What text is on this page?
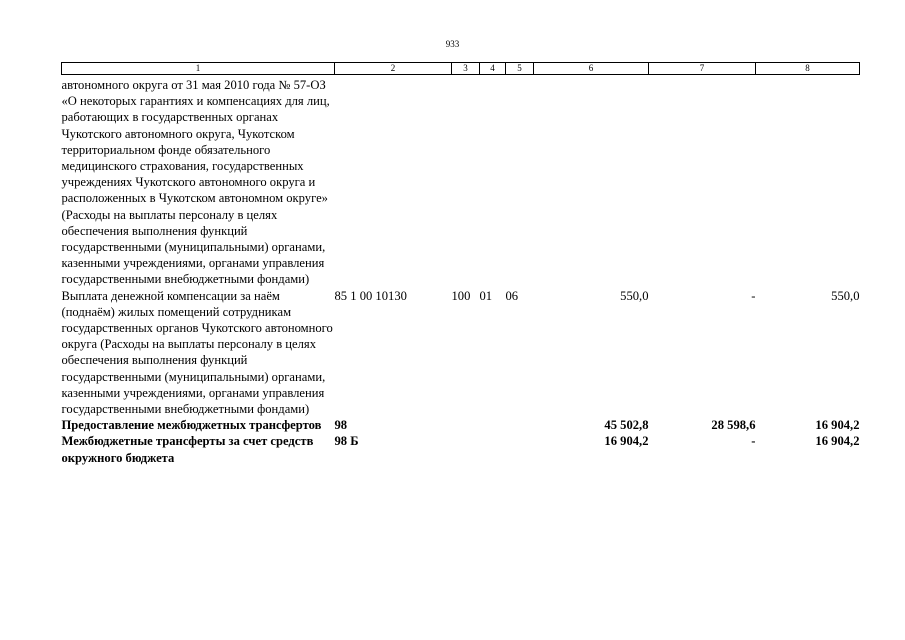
933
1	2	3	4	5	6	7	8
автономного округа от 31 мая 2010 года № 57-ОЗ «О некоторых гарантиях и компенсациях для лиц, работающих в государственных органах Чукотского автономного округа, Чукотском территориальном фонде обязательного медицинского страхования, государственных учреждениях Чукотского автономного округа и расположенных в Чукотском автономном округе» (Расходы на выплаты персоналу в целях обеспечения выполнения функций государственными (муниципальными) органами, казенными учреждениями, органами управления государственными внебюджетными фондами)							
Выплата денежной компенсации за наём (поднаём) жилых помещений сотрудникам государственных органов Чукотского автономного округа (Расходы на выплаты персоналу в целях обеспечения выполнения функций государственными (муниципальными) органами, казенными учреждениями, органами управления государственными внебюджетными фондами)	85 1 00 10130	100	01	06	550,0	-	550,0
Предоставление межбюджетных трансфертов	98				45 502,8	28 598,6	16 904,2
Межбюджетные трансферты за счет средств окружного бюджета	98 Б				16 904,2	-	16 904,2
